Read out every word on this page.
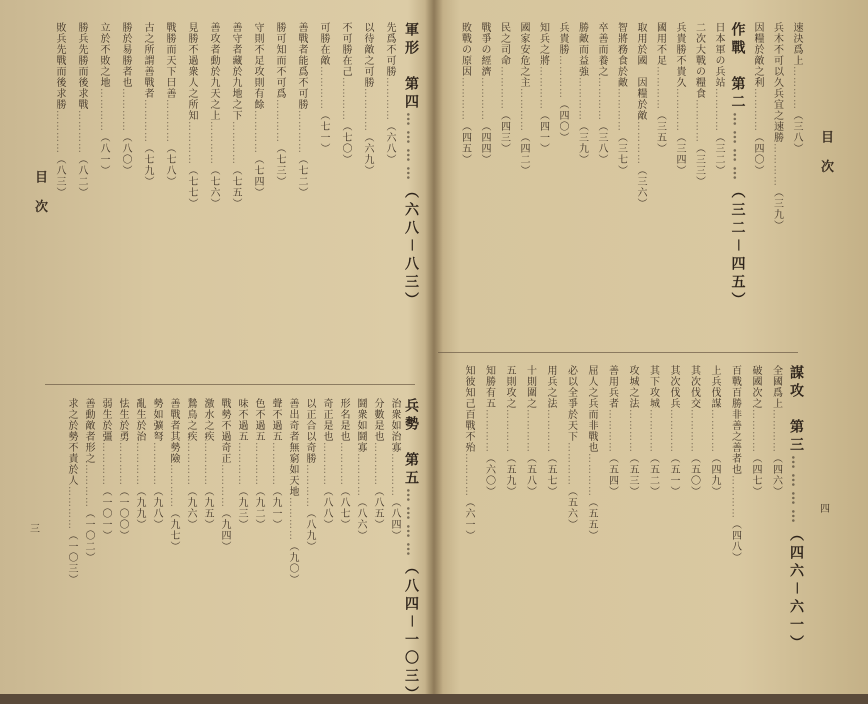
目 次
三
軍形　第四…………（六八－八三）
先爲不可勝…………（六八）
以待敵之可勝…………（六九）
不可勝在己…………（七〇）
可勝在敵…………（七一）
善戰者能爲不可勝…………（七二）
勝可知而不可爲…………（七三）
守則不足攻則有餘…………（七四）
善守者藏於九地之下…………（七五）
善攻者動於九天之上…………（七六）
見勝不過衆人之所知…………（七七）
戰勝而天下曰善…………（七八）
古之所謂善戰者…………（七九）
勝於易勝者也…………（八〇）
立於不敗之地…………（八一）
勝兵先勝而後求戰…………（八二）
敗兵先戰而後求勝…………（八三）
兵勢　第五…………（八四－一〇三）
治衆如治寡…………（八四）
分數是也…………（八五）
鬪衆如鬪寡…………（八六）
形名是也…………（八七）
奇正是也…………（八八）
以正合以奇勝…………（八九）
善出奇者無窮如天地…………（九〇）
聲不過五…………（九一）
色不過五…………（九二）
味不過五…………（九三）
戰勢不過奇正…………（九四）
激水之疾…………（九五）
鷙鳥之疾…………（九六）
善戰者其勢險…………（九七）
勢如彍弩…………（九八）
亂生於治…………（九九）
怯生於勇…………（一〇〇）
弱生於彊…………（一〇一）
善動敵者形之…………（一〇二）
求之於勢不責於人…………（一〇三）
目 次
四
速決爲上…………（三八）
兵木不可以久兵宜之速勝…………（三九）
因糧於敵之利…………（四〇）
作戰　第二…………（三二－四五）
日本軍の兵站…………（三二）
二次大戰の糧食…………（三三）
兵貴勝不貴久…………（三四）
國用不足…………（三五）
取用於國　因糧於敵…………（三六）
智將務食於敵…………（三七）
卒善而養之…………（三八）
勝敵而益強…………（三九）
兵貴勝…………（四〇）
知兵之將…………（四一）
國家安危之主…………（四二）
民之司命…………（四三）
戰爭の經濟…………（四四）
敗戰の原因…………（四五）
謀攻　第三…………（四六－六一）
全國爲上…………（四六）
破國次之…………（四七）
百戰百勝非善之善者也…………（四八）
上兵伐謀…………（四九）
其次伐交…………（五〇）
其次伐兵…………（五一）
其下攻城…………（五二）
攻城之法…………（五三）
善用兵者…………（五四）
屈人之兵而非戰也…………（五五）
必以全爭於天下…………（五六）
用兵之法…………（五七）
十則圍之…………（五八）
五則攻之…………（五九）
知勝有五…………（六〇）
知彼知己百戰不殆…………（六一）
